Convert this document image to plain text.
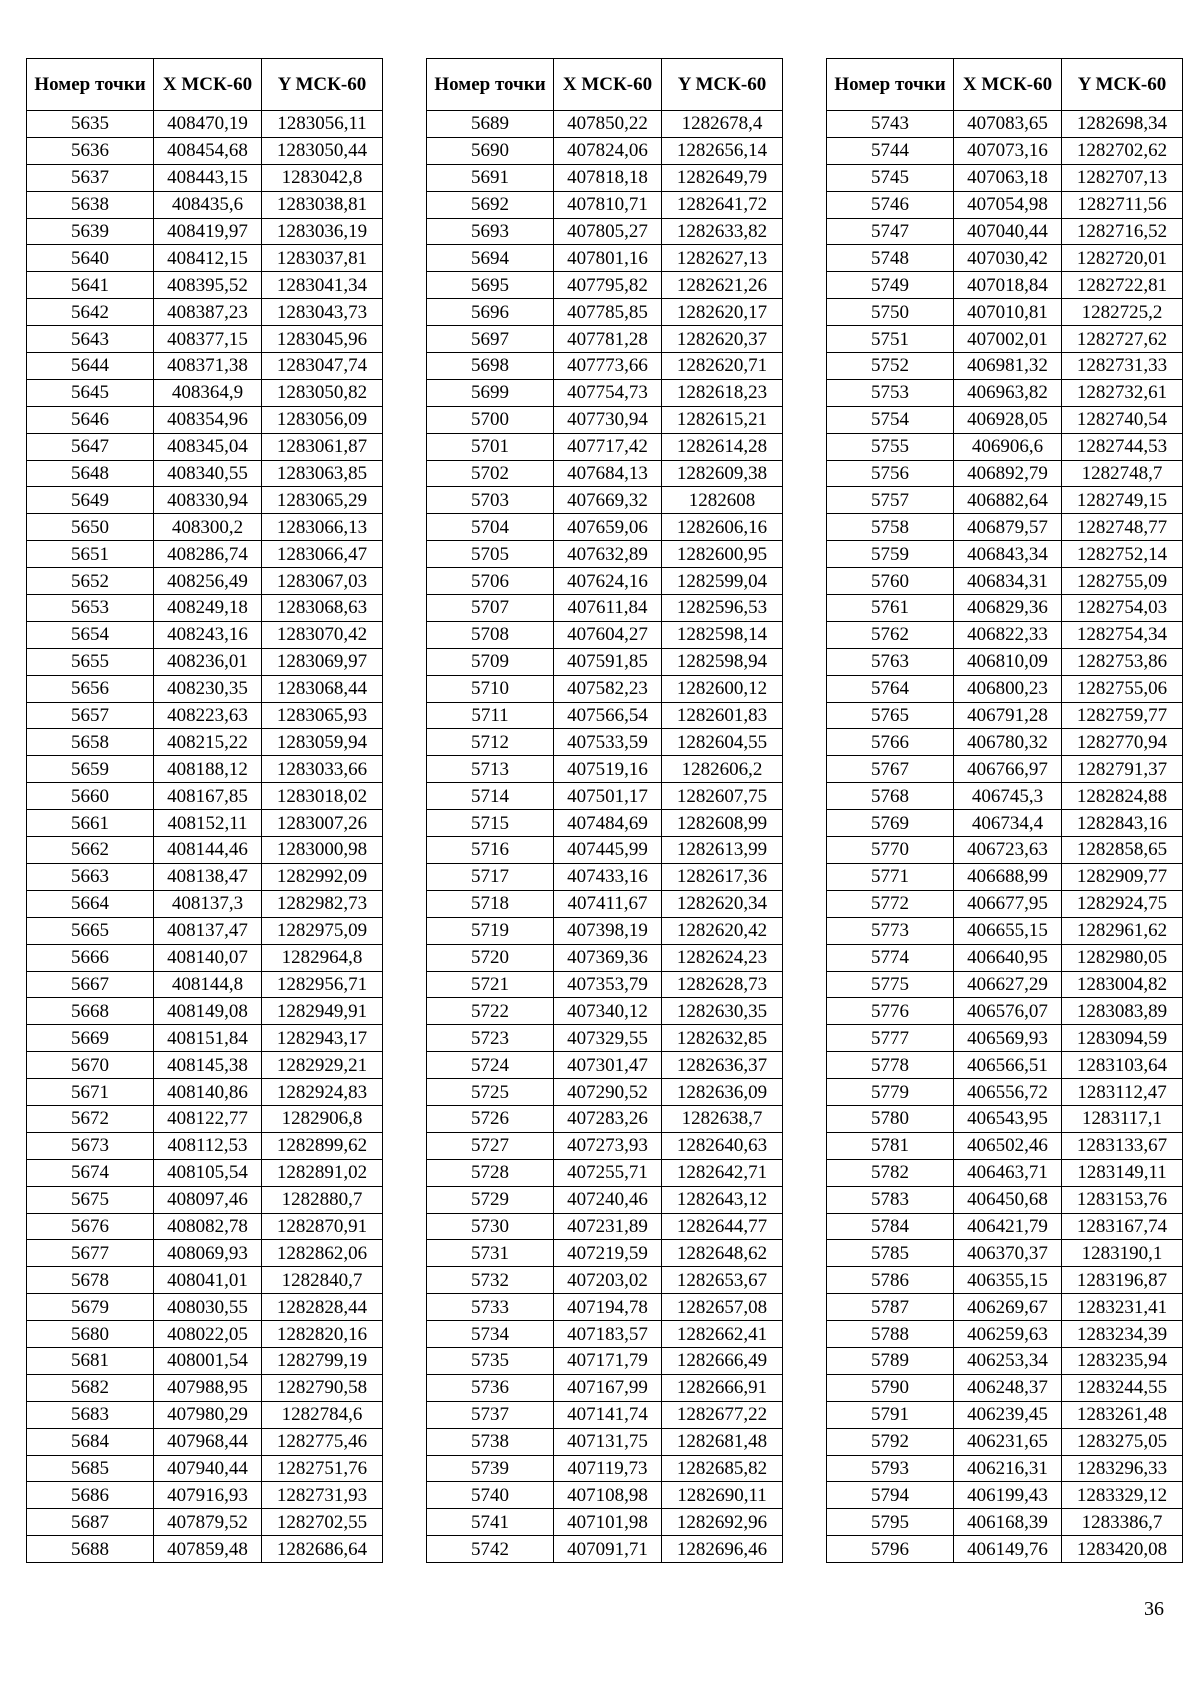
Номер точки	X МСК-60	Y МСК-60
5635	408470,19	1283056,11
5636	408454,68	1283050,44
5637	408443,15	1283042,8
5638	408435,6	1283038,81
5639	408419,97	1283036,19
5640	408412,15	1283037,81
5641	408395,52	1283041,34
5642	408387,23	1283043,73
5643	408377,15	1283045,96
5644	408371,38	1283047,74
5645	408364,9	1283050,82
5646	408354,96	1283056,09
5647	408345,04	1283061,87
5648	408340,55	1283063,85
5649	408330,94	1283065,29
5650	408300,2	1283066,13
5651	408286,74	1283066,47
5652	408256,49	1283067,03
5653	408249,18	1283068,63
5654	408243,16	1283070,42
5655	408236,01	1283069,97
5656	408230,35	1283068,44
5657	408223,63	1283065,93
5658	408215,22	1283059,94
5659	408188,12	1283033,66
5660	408167,85	1283018,02
5661	408152,11	1283007,26
5662	408144,46	1283000,98
5663	408138,47	1282992,09
5664	408137,3	1282982,73
5665	408137,47	1282975,09
5666	408140,07	1282964,8
5667	408144,8	1282956,71
5668	408149,08	1282949,91
5669	408151,84	1282943,17
5670	408145,38	1282929,21
5671	408140,86	1282924,83
5672	408122,77	1282906,8
5673	408112,53	1282899,62
5674	408105,54	1282891,02
5675	408097,46	1282880,7
5676	408082,78	1282870,91
5677	408069,93	1282862,06
5678	408041,01	1282840,7
5679	408030,55	1282828,44
5680	408022,05	1282820,16
5681	408001,54	1282799,19
5682	407988,95	1282790,58
5683	407980,29	1282784,6
5684	407968,44	1282775,46
5685	407940,44	1282751,76
5686	407916,93	1282731,93
5687	407879,52	1282702,55
5688	407859,48	1282686,64
Номер точки	X МСК-60	Y МСК-60
5689	407850,22	1282678,4
5690	407824,06	1282656,14
5691	407818,18	1282649,79
5692	407810,71	1282641,72
5693	407805,27	1282633,82
5694	407801,16	1282627,13
5695	407795,82	1282621,26
5696	407785,85	1282620,17
5697	407781,28	1282620,37
5698	407773,66	1282620,71
5699	407754,73	1282618,23
5700	407730,94	1282615,21
5701	407717,42	1282614,28
5702	407684,13	1282609,38
5703	407669,32	1282608
5704	407659,06	1282606,16
5705	407632,89	1282600,95
5706	407624,16	1282599,04
5707	407611,84	1282596,53
5708	407604,27	1282598,14
5709	407591,85	1282598,94
5710	407582,23	1282600,12
5711	407566,54	1282601,83
5712	407533,59	1282604,55
5713	407519,16	1282606,2
5714	407501,17	1282607,75
5715	407484,69	1282608,99
5716	407445,99	1282613,99
5717	407433,16	1282617,36
5718	407411,67	1282620,34
5719	407398,19	1282620,42
5720	407369,36	1282624,23
5721	407353,79	1282628,73
5722	407340,12	1282630,35
5723	407329,55	1282632,85
5724	407301,47	1282636,37
5725	407290,52	1282636,09
5726	407283,26	1282638,7
5727	407273,93	1282640,63
5728	407255,71	1282642,71
5729	407240,46	1282643,12
5730	407231,89	1282644,77
5731	407219,59	1282648,62
5732	407203,02	1282653,67
5733	407194,78	1282657,08
5734	407183,57	1282662,41
5735	407171,79	1282666,49
5736	407167,99	1282666,91
5737	407141,74	1282677,22
5738	407131,75	1282681,48
5739	407119,73	1282685,82
5740	407108,98	1282690,11
5741	407101,98	1282692,96
5742	407091,71	1282696,46
Номер точки	X МСК-60	Y МСК-60
5743	407083,65	1282698,34
5744	407073,16	1282702,62
5745	407063,18	1282707,13
5746	407054,98	1282711,56
5747	407040,44	1282716,52
5748	407030,42	1282720,01
5749	407018,84	1282722,81
5750	407010,81	1282725,2
5751	407002,01	1282727,62
5752	406981,32	1282731,33
5753	406963,82	1282732,61
5754	406928,05	1282740,54
5755	406906,6	1282744,53
5756	406892,79	1282748,7
5757	406882,64	1282749,15
5758	406879,57	1282748,77
5759	406843,34	1282752,14
5760	406834,31	1282755,09
5761	406829,36	1282754,03
5762	406822,33	1282754,34
5763	406810,09	1282753,86
5764	406800,23	1282755,06
5765	406791,28	1282759,77
5766	406780,32	1282770,94
5767	406766,97	1282791,37
5768	406745,3	1282824,88
5769	406734,4	1282843,16
5770	406723,63	1282858,65
5771	406688,99	1282909,77
5772	406677,95	1282924,75
5773	406655,15	1282961,62
5774	406640,95	1282980,05
5775	406627,29	1283004,82
5776	406576,07	1283083,89
5777	406569,93	1283094,59
5778	406566,51	1283103,64
5779	406556,72	1283112,47
5780	406543,95	1283117,1
5781	406502,46	1283133,67
5782	406463,71	1283149,11
5783	406450,68	1283153,76
5784	406421,79	1283167,74
5785	406370,37	1283190,1
5786	406355,15	1283196,87
5787	406269,67	1283231,41
5788	406259,63	1283234,39
5789	406253,34	1283235,94
5790	406248,37	1283244,55
5791	406239,45	1283261,48
5792	406231,65	1283275,05
5793	406216,31	1283296,33
5794	406199,43	1283329,12
5795	406168,39	1283386,7
5796	406149,76	1283420,08
36
